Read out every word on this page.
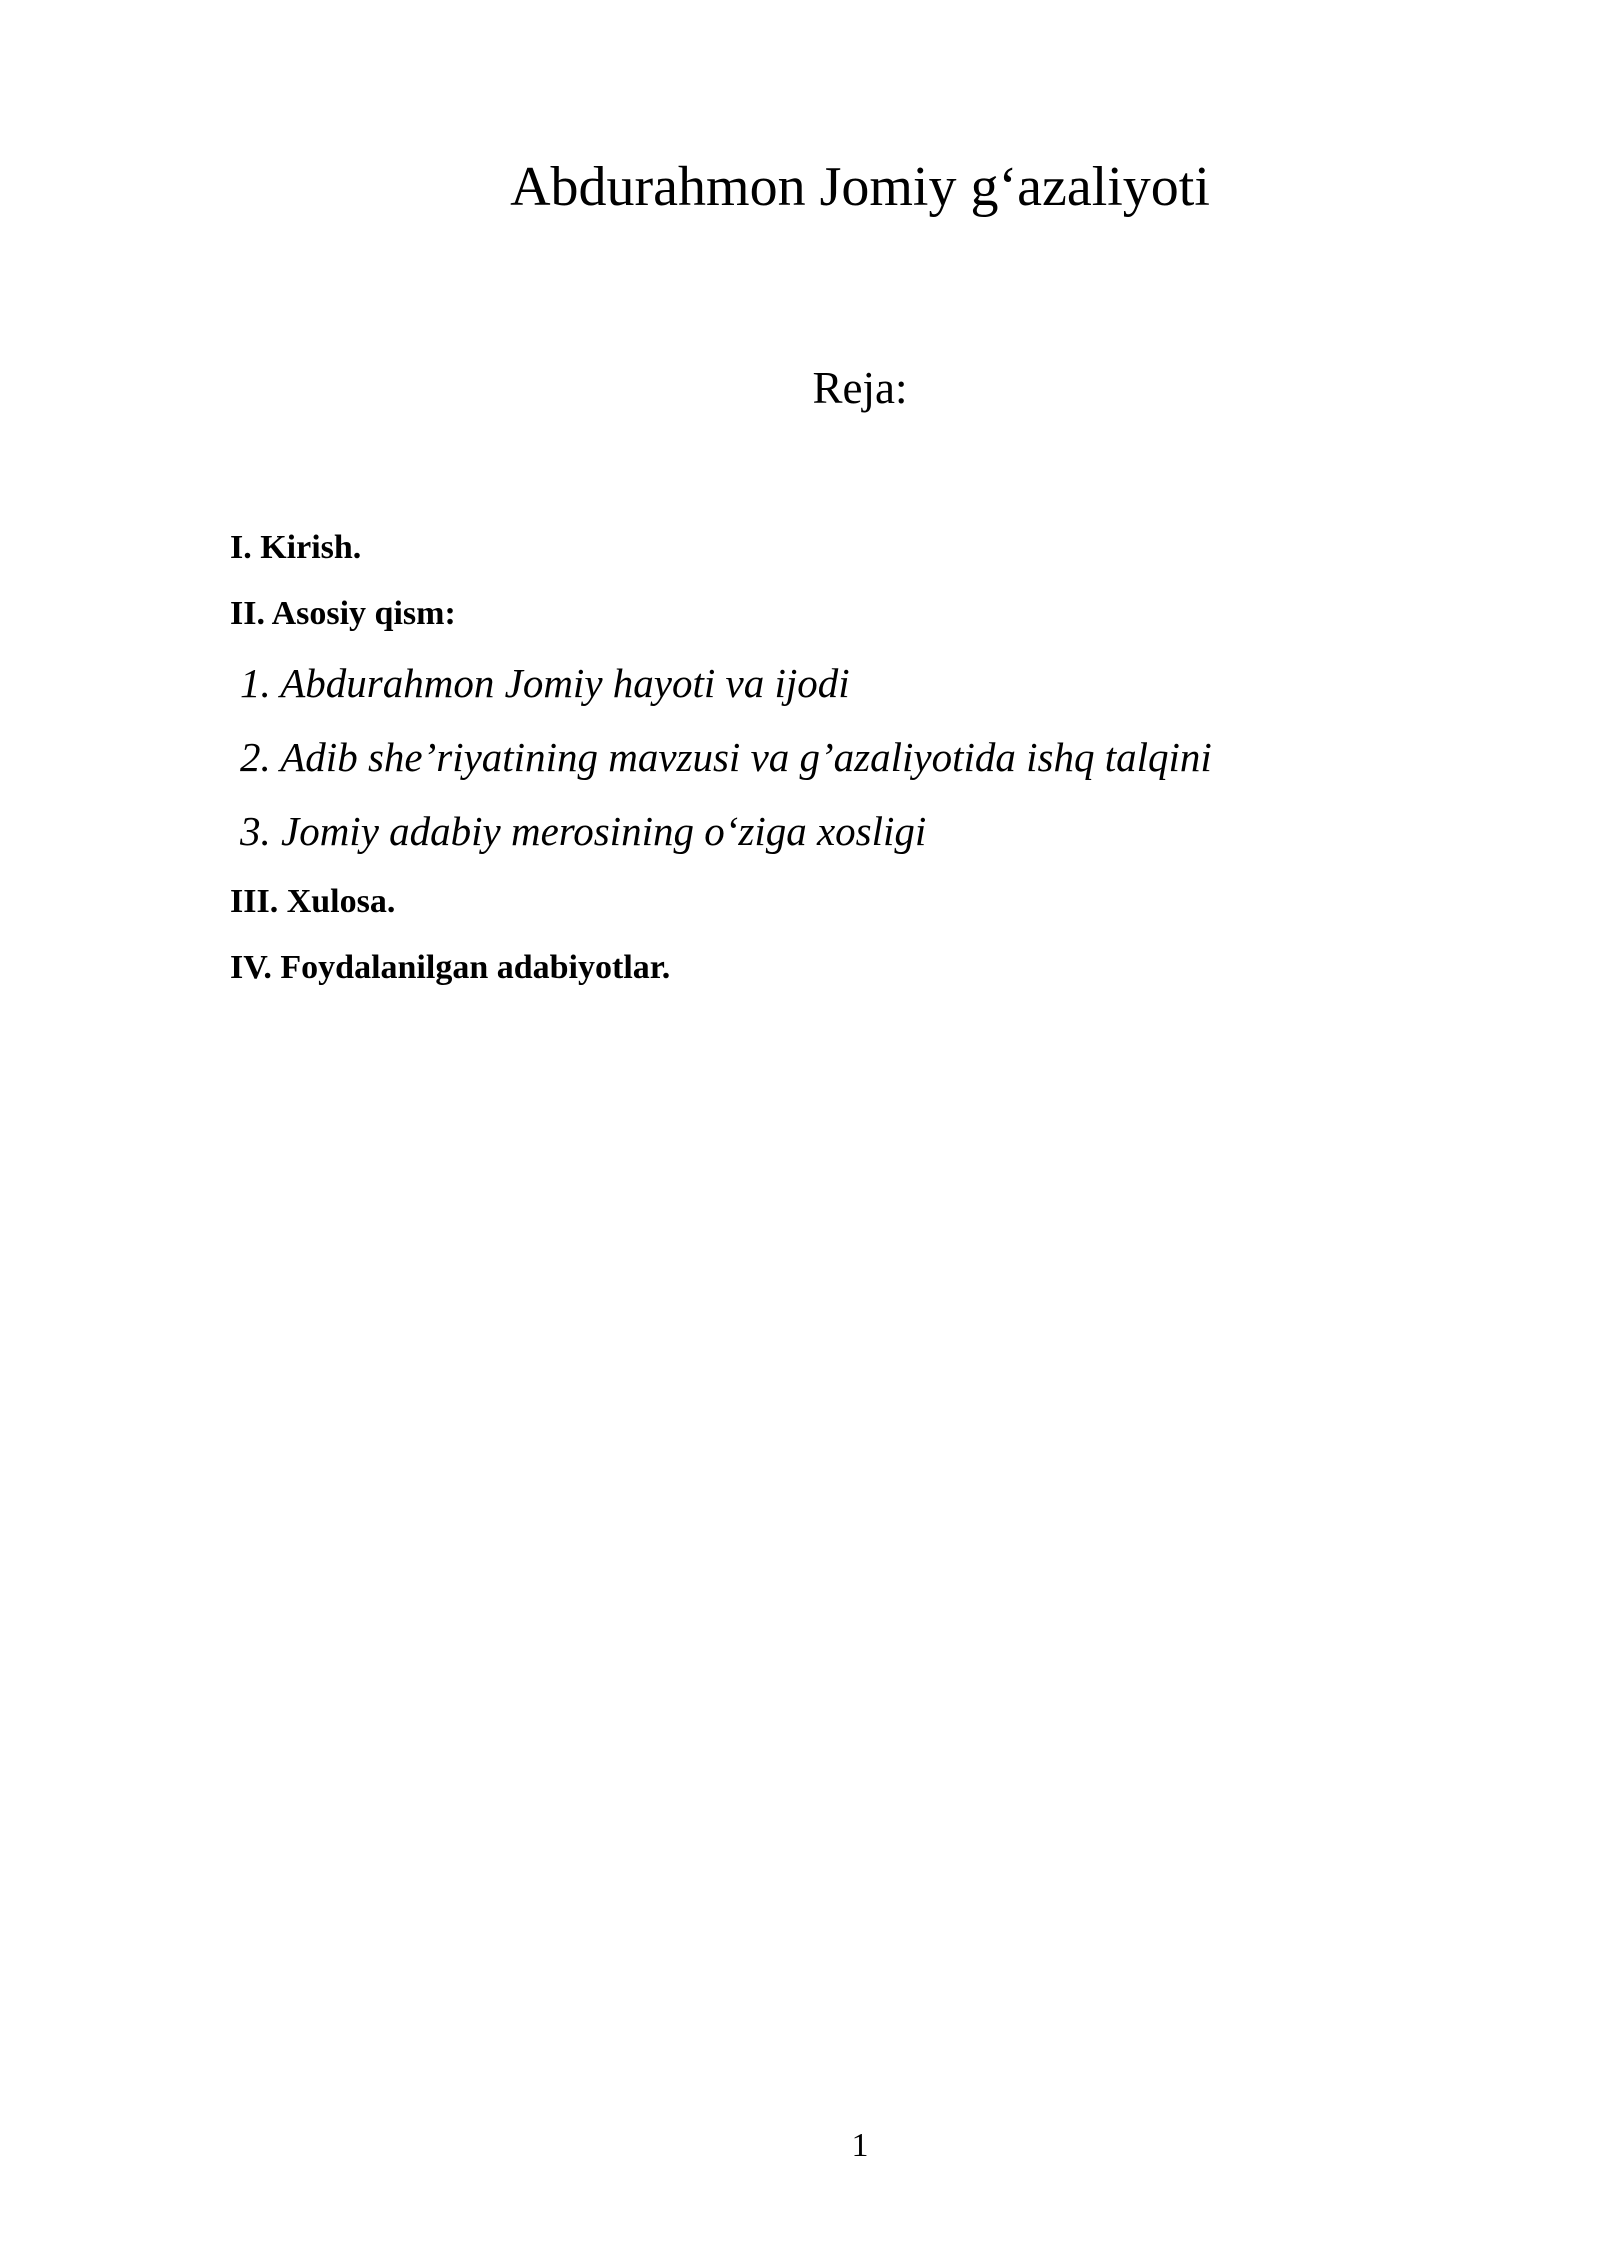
Abdurahmon Jomiy g‘azaliyoti
Reja:
I. Kirish.
II. Asosiy qism:
1. Abdurahmon Jomiy hayoti va ijodi
2. Adib she’riyatining mavzusi va g’azaliyotida ishq talqini
3. Jomiy adabiy merosining o‘ziga xosligi
III. Xulosa.
IV. Foydalanilgan adabiyotlar.
1
